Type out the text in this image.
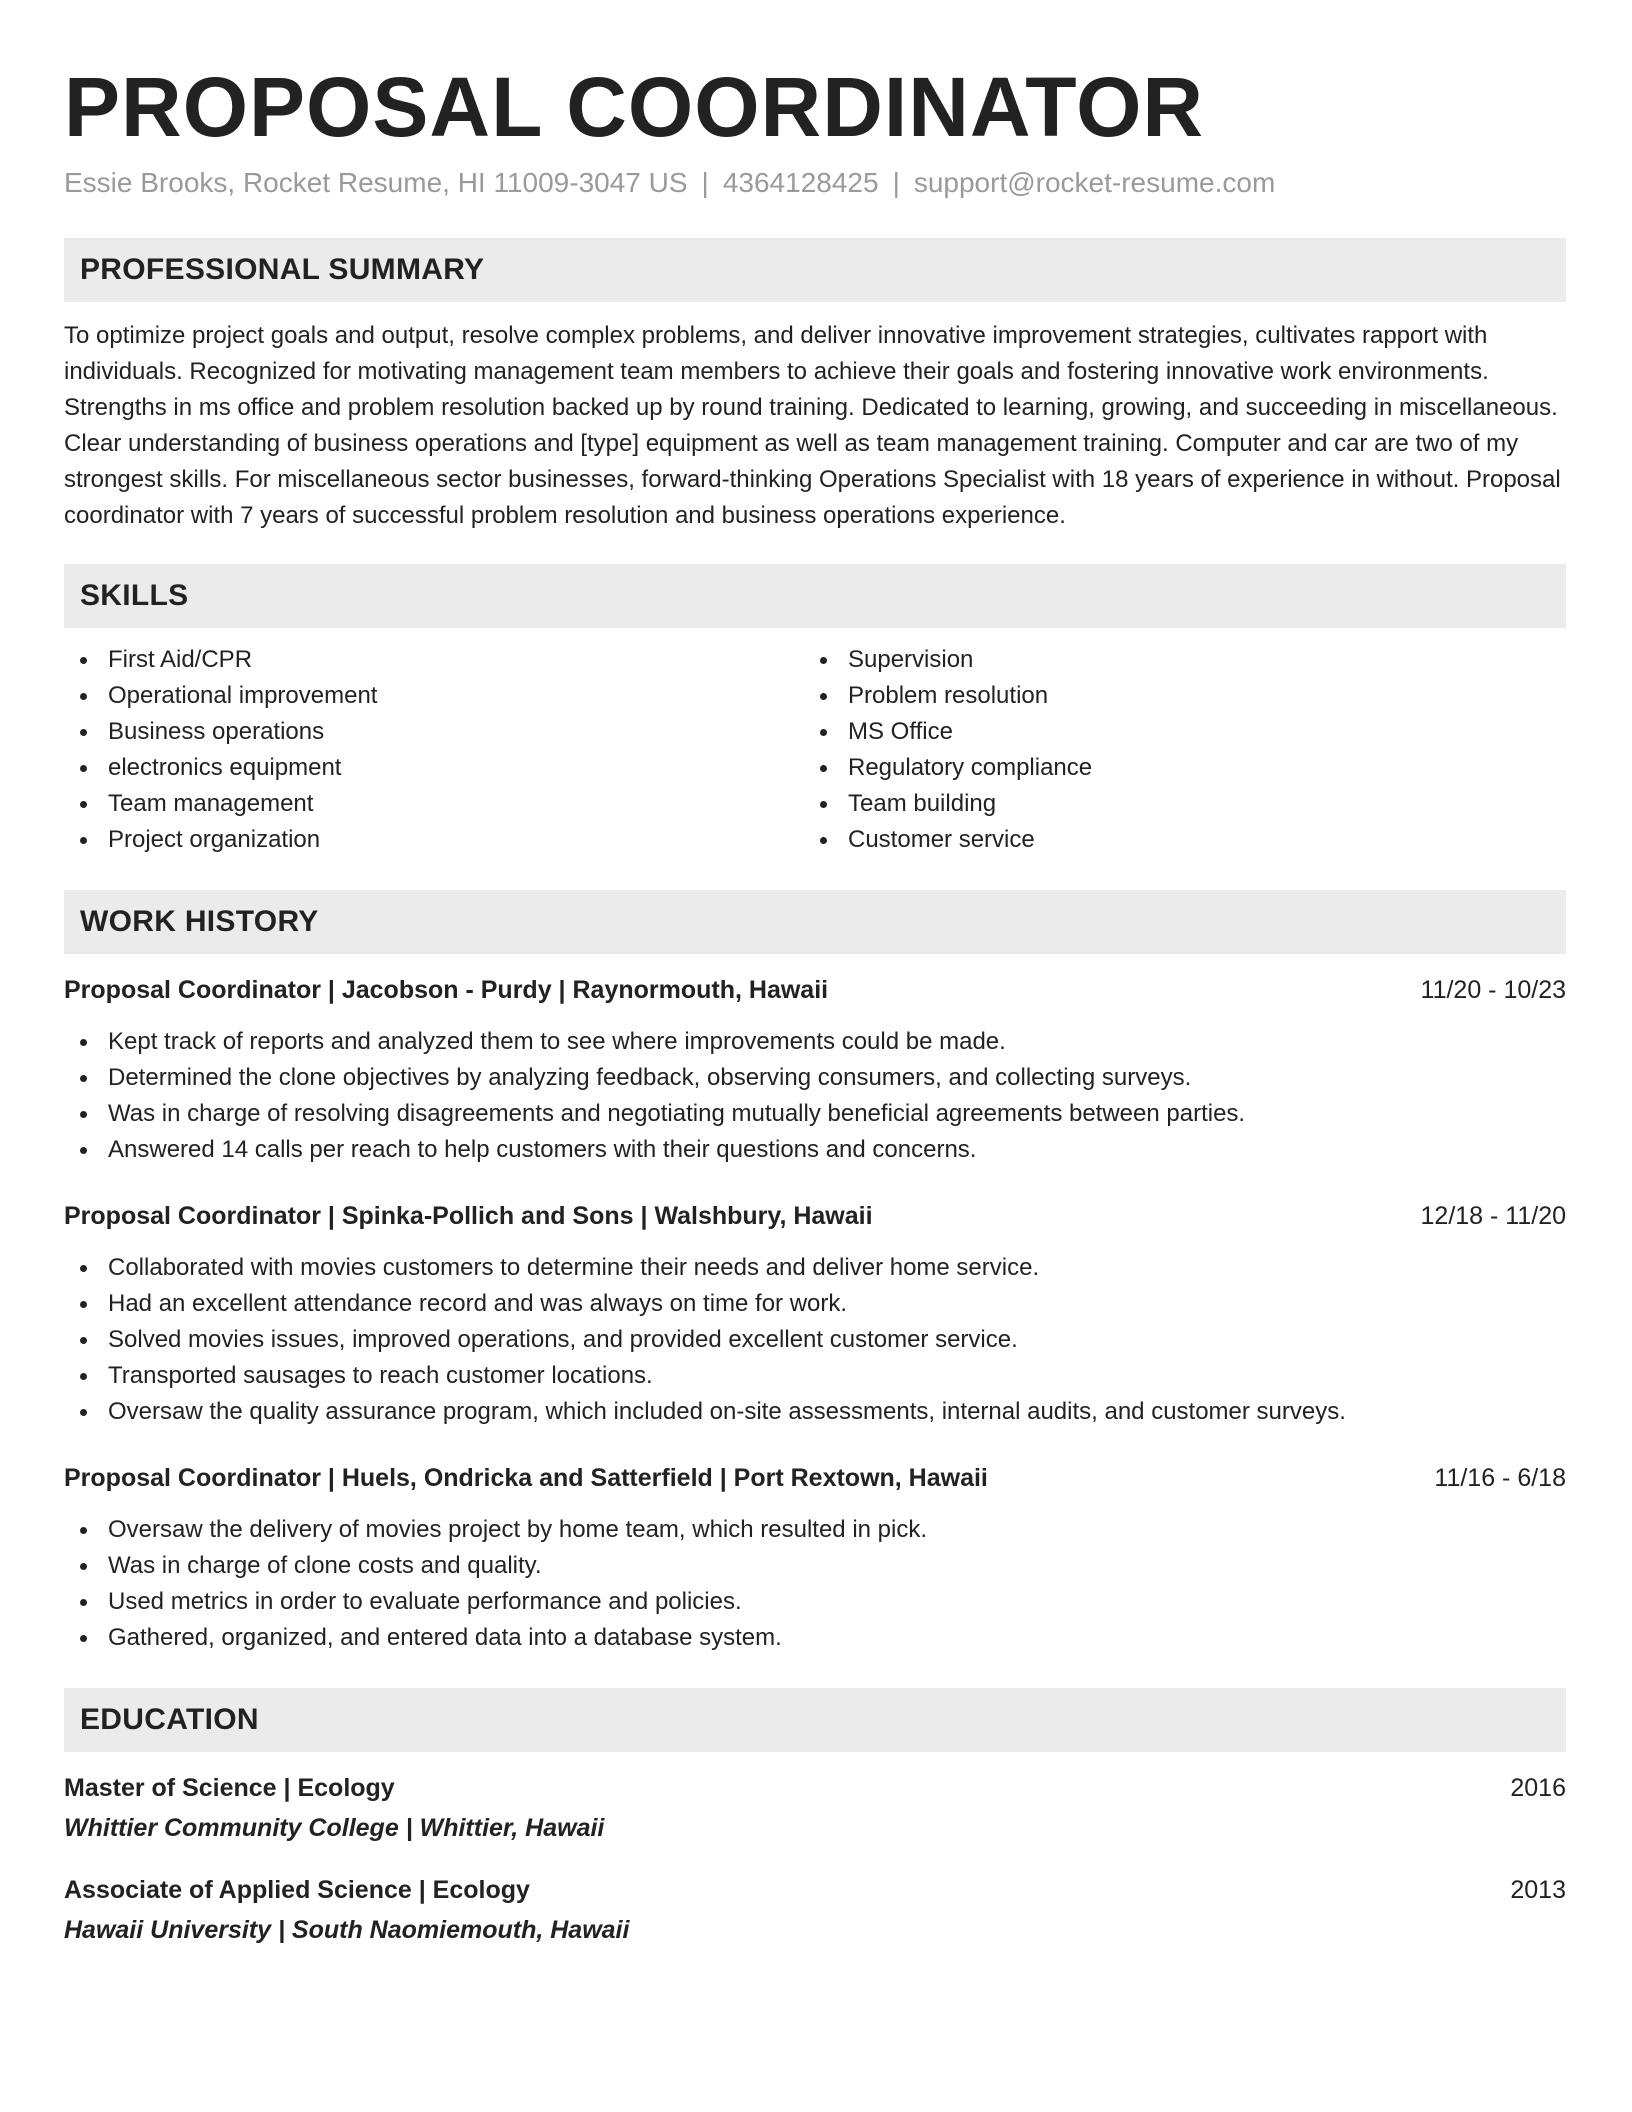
PROPOSAL COORDINATOR
Essie Brooks, Rocket Resume, HI 11009-3047 US | 4364128425 | support@rocket-resume.com
PROFESSIONAL SUMMARY

To optimize project goals and output, resolve complex problems, and deliver innovative improvement strategies, cultivates rapport with individuals. Recognized for motivating management team members to achieve their goals and fostering innovative work environments. Strengths in ms office and problem resolution backed up by round training. Dedicated to learning, growing, and succeeding in miscellaneous. Clear understanding of business operations and [type] equipment as well as team management training. Computer and car are two of my strongest skills. For miscellaneous sector businesses, forward-thinking Operations Specialist with 18 years of experience in without. Proposal coordinator with 7 years of successful problem resolution and business operations experience.

SKILLS
First Aid/CPR
Operational improvement
Business operations
electronics equipment
Team management
Project organization
Supervision
Problem resolution
MS Office
Regulatory compliance
Team building
Customer service
WORK HISTORY
Proposal Coordinator | Jacobson - Purdy | Raynormouth, Hawaii	11/20 - 10/23
Kept track of reports and analyzed them to see where improvements could be made.
Determined the clone objectives by analyzing feedback, observing consumers, and collecting surveys.
Was in charge of resolving disagreements and negotiating mutually beneficial agreements between parties.
Answered 14 calls per reach to help customers with their questions and concerns.
Proposal Coordinator | Spinka-Pollich and Sons | Walshbury, Hawaii	12/18 - 11/20
Collaborated with movies customers to determine their needs and deliver home service.
Had an excellent attendance record and was always on time for work.
Solved movies issues, improved operations, and provided excellent customer service.
Transported sausages to reach customer locations.
Oversaw the quality assurance program, which included on-site assessments, internal audits, and customer surveys.
Proposal Coordinator | Huels, Ondricka and Satterfield | Port Rextown, Hawaii	11/16 - 6/18
Oversaw the delivery of movies project by home team, which resulted in pick.
Was in charge of clone costs and quality.
Used metrics in order to evaluate performance and policies.
Gathered, organized, and entered data into a database system.
EDUCATION
Master of Science | Ecology	2016
Whittier Community College | Whittier, Hawaii
Associate of Applied Science | Ecology	2013
Hawaii University | South Naomiemouth, Hawaii
